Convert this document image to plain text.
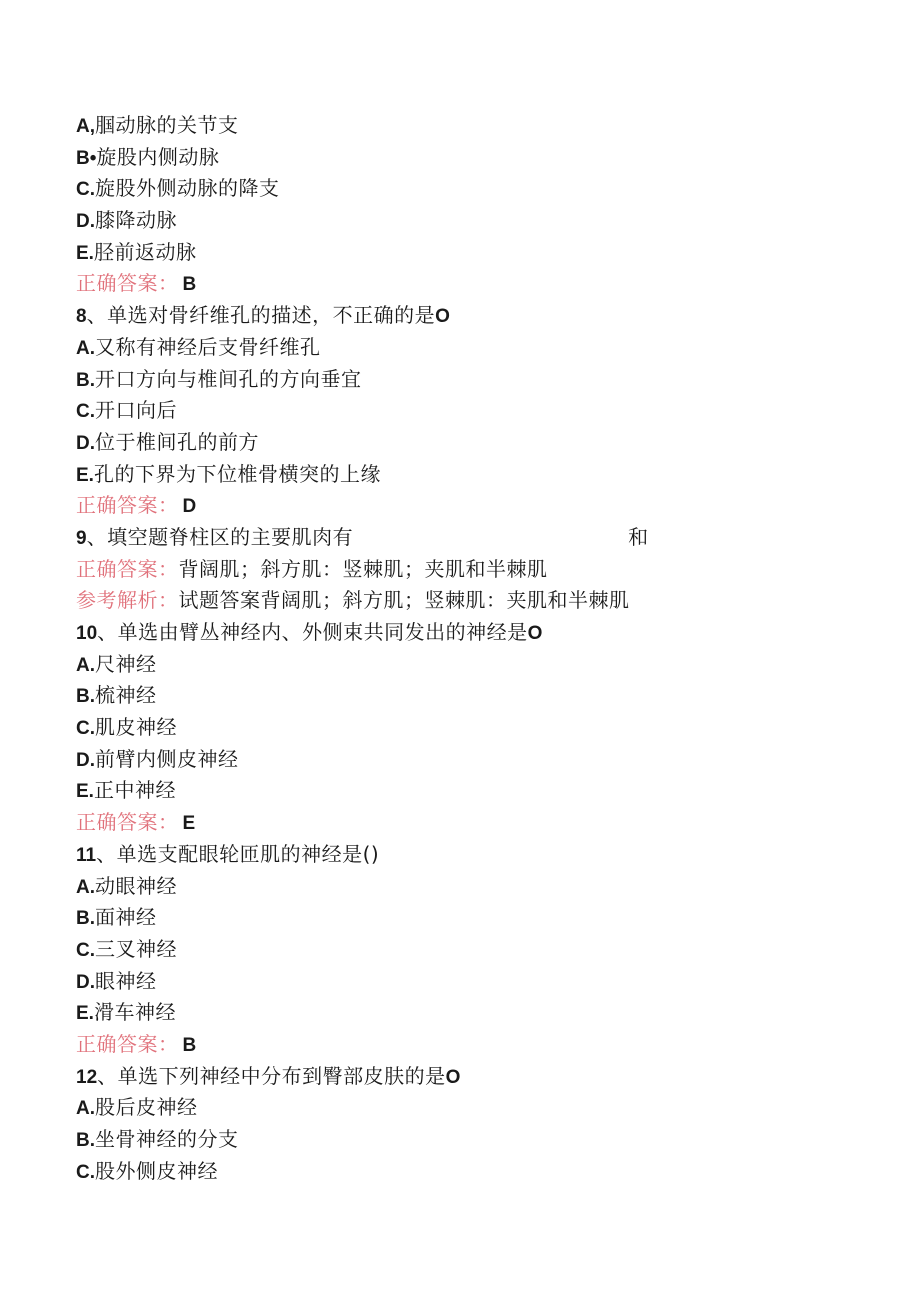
A,腘动脉的关节支
B•旋股内侧动脉
C.旋股外侧动脉的降支
D.膝降动脉
E.胫前返动脉
正确答案： B
8、单选对骨纤维孔的描述，不正确的是O
A.又称有神经后支骨纤维孔
B.开口方向与椎间孔的方向垂宜
C.开口向后
D.位于椎间孔的前方
E.孔的下界为下位椎骨横突的上缘
正确答案： D
9、填空题脊柱区的主要肌肉有	和
正确答案：背阔肌；斜方肌：竖棘肌；夹肌和半棘肌
参考解析：试题答案背阔肌；斜方肌；竖棘肌：夹肌和半棘肌
10、单选由臂丛神经内、外侧束共同发出的神经是O
A.尺神经
B.梳神经
C.肌皮神经
D.前臂内侧皮神经
E.正中神经
正确答案： E
11、单选支配眼轮匝肌的神经是()
A.动眼神经
B.面神经
C.三叉神经
D.眼神经
E.滑车神经
正确答案： B
12、单选下列神经中分布到臀部皮肤的是O
A.股后皮神经
B.坐骨神经的分支
C.股外侧皮神经
